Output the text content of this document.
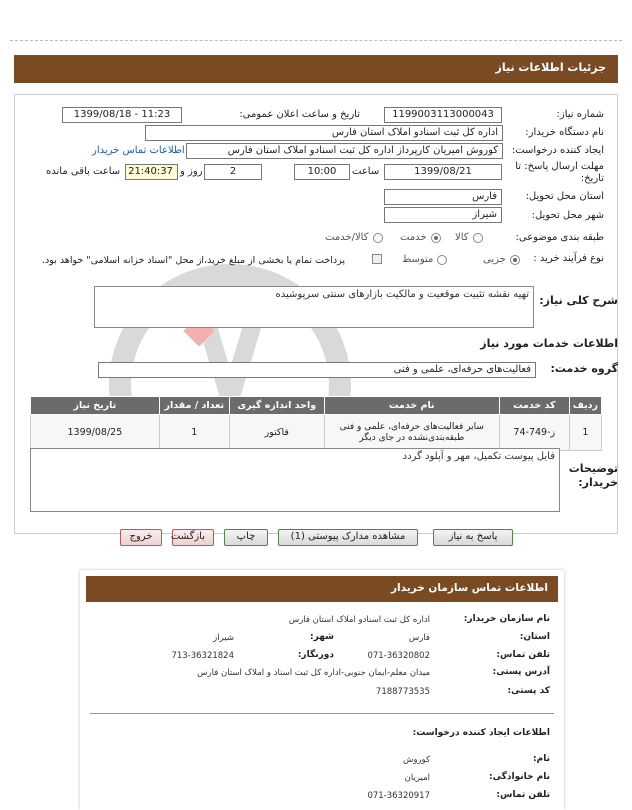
جزئیات اطلاعات نیاز
شماره نیاز:
1199003113000043
تاریخ و ساعت اعلان عمومی:
1399/08/18 - 11:23
نام دستگاه خریدار:
اداره کل ثبت اسنادو املاک استان فارس
ایجاد کننده درخواست:
کوروش امیریان کارپرداز اداره کل ثبت اسنادو املاک استان فارس
اطلاعات تماس خریدار
مهلت ارسال پاسخ: تا تاریخ:
1399/08/21
ساعت
10:00
2
روز و
21:40:37
ساعت باقی مانده
استان محل تحویل:
فارس
شهر محل تحویل:
شیراز
طبقه بندی موضوعی:
کالا
خدمت
کالا/خدمت
نوع فرآیند خرید :
جزیی
متوسط
پرداخت تمام یا بخشی از مبلغ خرید،از محل "اسناد خزانه اسلامی" خواهد بود.
شرح کلی نیاز:
تهیه نقشه تثبیت موقعیت و مالکیت بازارهای سنتی سرپوشیده
اطلاعات خدمات مورد نیاز
گروه خدمت:
فعالیت‌های حرفه‌ای، علمی و فنی
ردیف	کد خدمت	نام خدمت	واحد اندازه گیری	تعداد / مقدار	تاریخ نیاز
1	ز-749-74	سایر فعالیت‌های حرفه‌ای، علمی و فنی طبقه‌بندی‌نشده در جای دیگر	فاکتور	1	1399/08/25
توضیحات خریدار:
فایل پیوست تکمیل، مهر و آپلود گردد
پاسخ به نیاز
مشاهده مدارک پیوستی (1)
چاپ
بازگشت
خروج
اطلاعات تماس سازمان خریدار
نام سازمان خریدار:
اداره کل ثبت اسنادو املاک استان فارس
استان:
فارس
شهر:
شیراز
تلفن تماس:
071-36320802
دورنگار:
713-36321824
آدرس پستی:
میدان معلم-ایمان جنوبی-اداره کل ثبت اسناد و املاک استان فارس
کد پستی:
7188773535
اطلاعات ایجاد کننده درخواست:
نام:
کوروش
نام خانوادگی:
امیریان
تلفن تماس:
071-36320917
